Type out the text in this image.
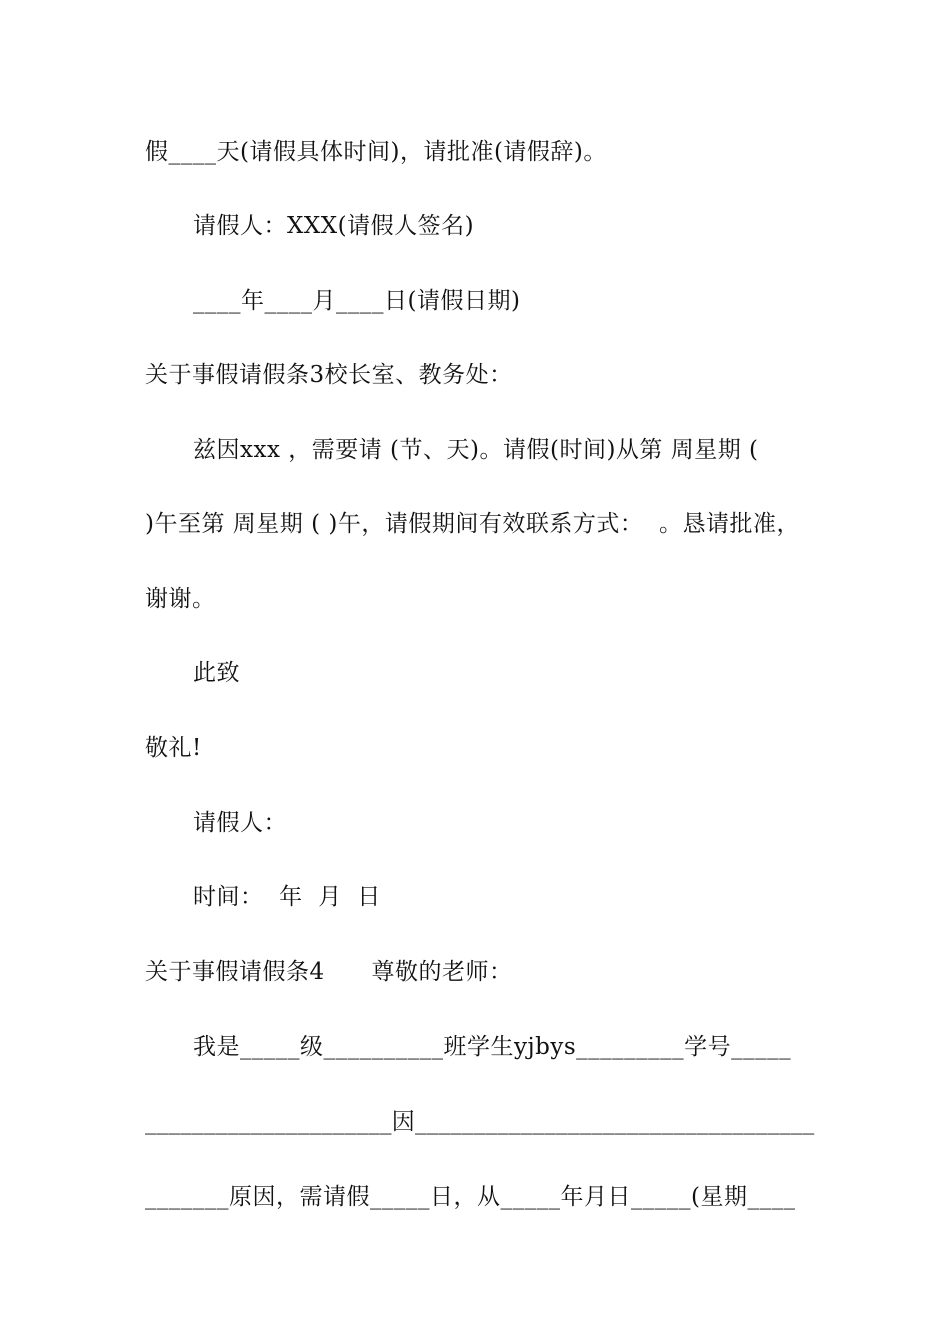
假____天(请假具体时间)，请批准(请假辞)。
请假人：XXX(请假人签名)
____年____月____日(请假日期)
关于事假请假条3校长室、教务处：
兹因xxx ，需要请 (节、天)。请假(时间)从第 周星期 (
)午至第 周星期 ( )午，请假期间有效联系方式：  。恳请批准，
谢谢。
此致
敬礼!
请假人：
时间：  年  月  日
关于事假请假条4      尊敬的老师：
我是_____级__________班学生yjbys_________学号_____
_____________________因__________________________________
_______原因，需请假_____日，从_____年月日_____(星期____
